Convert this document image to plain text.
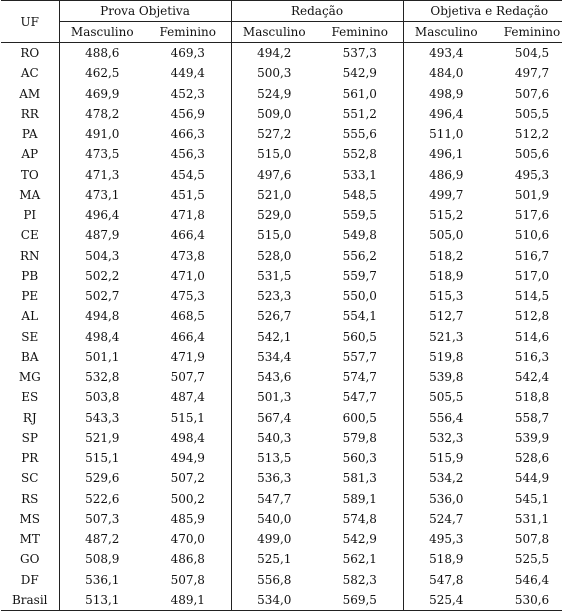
UF	Prova Objetiva		Redação		Objetiva e Redação	
	Masculino	Feminino	Masculino	Feminino	Masculino	Feminino
RO	488,6	469,3	494,2	537,3	493,4	504,5
AC	462,5	449,4	500,3	542,9	484,0	497,7
AM	469,9	452,3	524,9	561,0	498,9	507,6
RR	478,2	456,9	509,0	551,2	496,4	505,5
PA	491,0	466,3	527,2	555,6	511,0	512,2
AP	473,5	456,3	515,0	552,8	496,1	505,6
TO	471,3	454,5	497,6	533,1	486,9	495,3
MA	473,1	451,5	521,0	548,5	499,7	501,9
PI	496,4	471,8	529,0	559,5	515,2	517,6
CE	487,9	466,4	515,0	549,8	505,0	510,6
RN	504,3	473,8	528,0	556,2	518,2	516,7
PB	502,2	471,0	531,5	559,7	518,9	517,0
PE	502,7	475,3	523,3	550,0	515,3	514,5
AL	494,8	468,5	526,7	554,1	512,7	512,8
SE	498,4	466,4	542,1	560,5	521,3	514,6
BA	501,1	471,9	534,4	557,7	519,8	516,3
MG	532,8	507,7	543,6	574,7	539,8	542,4
ES	503,8	487,4	501,3	547,7	505,5	518,8
RJ	543,3	515,1	567,4	600,5	556,4	558,7
SP	521,9	498,4	540,3	579,8	532,3	539,9
PR	515,1	494,9	513,5	560,3	515,9	528,6
SC	529,6	507,2	536,3	581,3	534,2	544,9
RS	522,6	500,2	547,7	589,1	536,0	545,1
MS	507,3	485,9	540,0	574,8	524,7	531,1
MT	487,2	470,0	499,0	542,9	495,3	507,8
GO	508,9	486,8	525,1	562,1	518,9	525,5
DF	536,1	507,8	556,8	582,3	547,8	546,4
Brasil	513,1	489,1	534,0	569,5	525,4	530,6
